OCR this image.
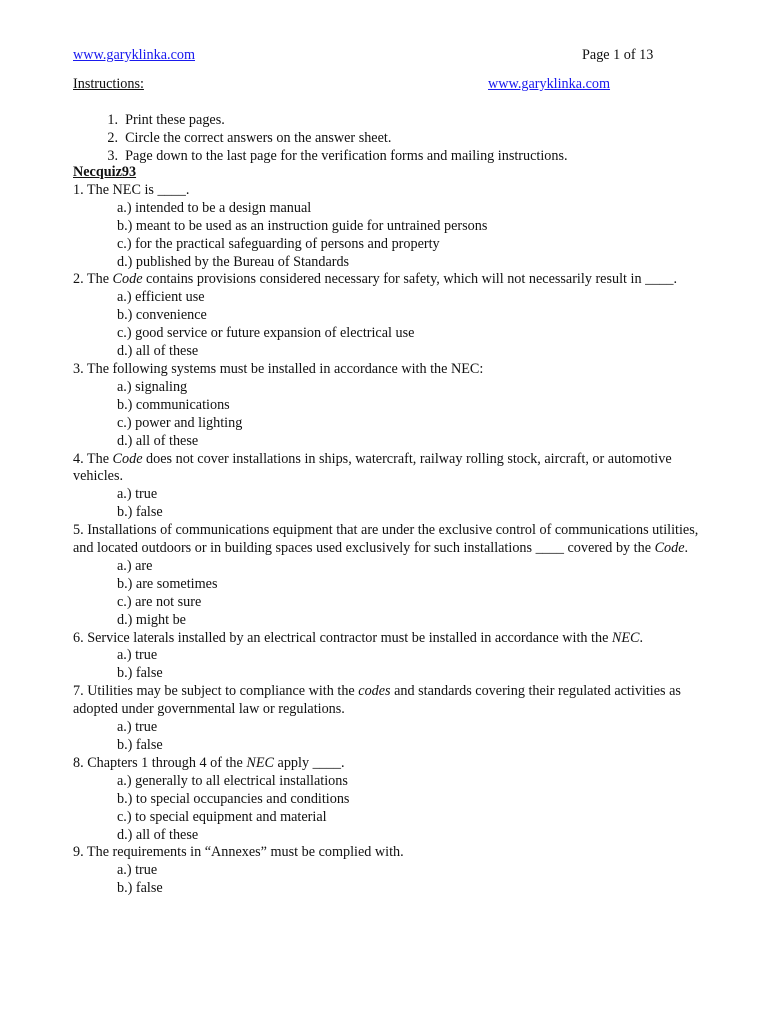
www.garyklinka.com	Page 1 of 13
Instructions:	www.garyklinka.com
1. Print these pages.
2. Circle the correct answers on the answer sheet.
3. Page down to the last page for the verification forms and mailing instructions.
Necquiz93
1. The NEC is ____.
a.) intended to be a design manual
b.) meant to be used as an instruction guide for untrained persons
c.) for the practical safeguarding of persons and property
d.) published by the Bureau of Standards
2. The Code contains provisions considered necessary for safety, which will not necessarily result in ____.
a.) efficient use
b.) convenience
c.) good service or future expansion of electrical use
d.) all of these
3. The following systems must be installed in accordance with the NEC:
a.) signaling
b.) communications
c.) power and lighting
d.) all of these
4. The Code does not cover installations in ships, watercraft, railway rolling stock, aircraft, or automotive vehicles.
a.) true
b.) false
5. Installations of communications equipment that are under the exclusive control of communications utilities, and located outdoors or in building spaces used exclusively for such installations ____ covered by the Code.
a.) are
b.) are sometimes
c.) are not sure
d.) might be
6. Service laterals installed by an electrical contractor must be installed in accordance with the NEC.
a.) true
b.) false
7. Utilities may be subject to compliance with the codes and standards covering their regulated activities as adopted under governmental law or regulations.
a.) true
b.) false
8. Chapters 1 through 4 of the NEC apply ____.
a.) generally to all electrical installations
b.) to special occupancies and conditions
c.) to special equipment and material
d.) all of these
9. The requirements in “Annexes” must be complied with.
a.) true
b.) false
